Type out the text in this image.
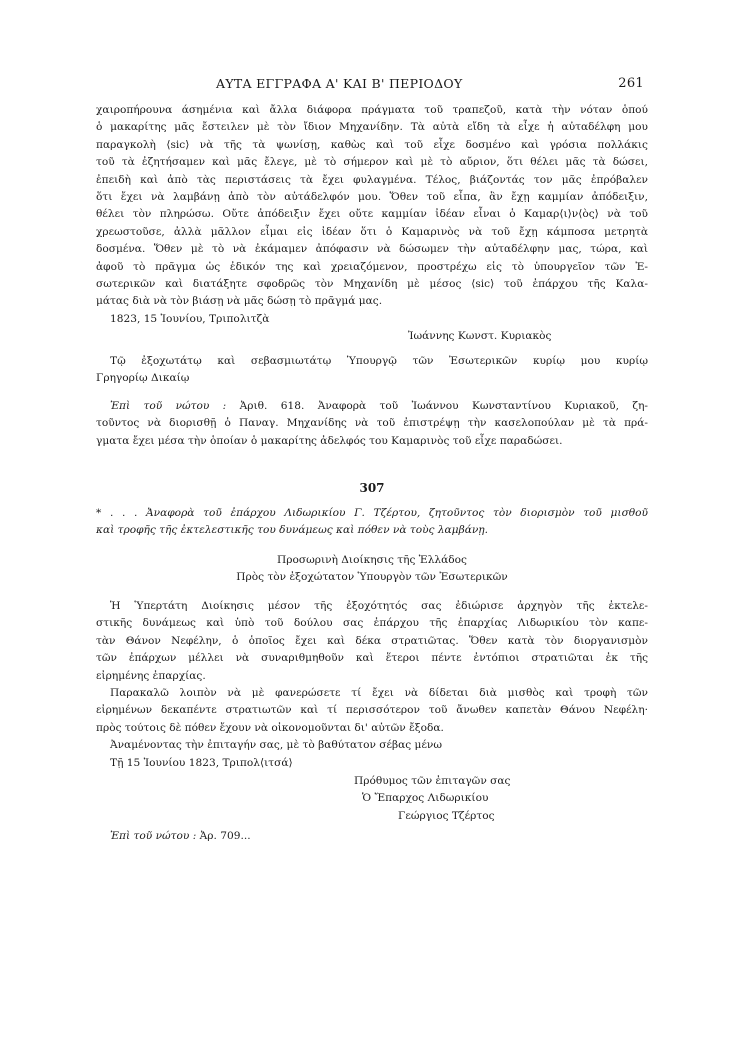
ΑΥΤΑ ΕΓΓΡΑΦΑ Α' ΚΑΙ Β' ΠΕΡΙΟΔΟΥ	261
χαιροπήρουνα άσημένια καὶ ἄλλα διάφορα πράγματα τοῦ τραπεζοῦ, κατὰ τὴν νόταν ὁπού
ὁ μακαρίτης μᾶς ἔστειλεν μὲ τὸν ἴδιον Μηχανίδην. Τὰ αὐτὰ εἴδη τὰ εἶχε ἡ αὐταδέλφη μου
παραγκολὴ ⟨sic⟩ νὰ τῆς τὰ ψωνίσῃ, καθὼς καὶ τοῦ εἶχε δοσμένο καὶ γρόσια πολλάκις
τοῦ τὰ ἐζητήσαμεν καὶ μᾶς ἔλεγε, μὲ τὸ σήμερον καὶ μὲ τὸ αὔριον, ὅτι θέλει μᾶς τὰ δώσει,
ἐπειδὴ καὶ ἀπὸ τὰς περιστάσεις τὰ ἔχει φυλαγμένα. Τέλος, βιάζοντάς τον μᾶς ἐπρόβαλεν
ὅτι ἔχει νὰ λαμβάνῃ ἀπὸ τὸν αὐτάδελφόν μου. Ὅθεν τοῦ εἶπα, ἂν ἔχῃ καμμίαν ἀπόδειξιν,
θέλει τὸν πληρώσω. Οὔτε ἀπόδειξιν ἔχει οὔτε καμμίαν ἰδέαν εἶναι ὁ Καμαρ⟨ι⟩ν⟨ὸς⟩ νὰ τοῦ
χρεωστοῦσε, ἀλλὰ μᾶλλον εἶμαι εἰς ἰδέαν ὅτι ὁ Καμαρινὸς νὰ τοῦ ἔχῃ κάμποσα μετρητὰ
δοσμένα. Ὅθεν μὲ τὸ νὰ ἐκάμαμεν ἀπόφασιν νὰ δώσωμεν τὴν αὐταδέλφην μας, τώρα, καὶ
ἀφοῦ τὸ πρᾶγμα ὡς ἐδικόν της καὶ χρειαζόμενον, προστρέχω εἰς τὸ ὑπουργεῖον τῶν Ἐ-
σωτερικῶν καὶ διατάξητε σφοδρῶς τὸν Μηχανίδη μὲ μέσος ⟨sic⟩ τοῦ ἐπάρχου τῆς Καλα-
μάτας διὰ νὰ τὸν βιάσῃ νὰ μᾶς δώσῃ τὸ πρᾶγμά μας.
1823, 15 Ἰουνίου, Τριπολιτζὰ
Ἰωάννης Κωνστ. Κυριακὸς
Τῷ ἐξοχωτάτῳ καὶ σεβασμιωτάτῳ Ὑπουργῷ τῶν Ἐσωτερικῶν κυρίῳ μου κυρίῳ
Γρηγορίῳ Δικαίῳ
Ἐπὶ τοῦ νώτου : Ἀριθ. 618. Ἀναφορὰ τοῦ Ἰωάννου Κωνσταντίνου Κυριακοῦ, ζη-
τοῦντος νὰ διορισθῇ ὁ Παναγ. Μηχανίδης νὰ τοῦ ἐπιστρέψῃ τὴν κασελοπούλαν μὲ τὰ πρά-
γματα ἔχει μέσα τὴν ὁποίαν ὁ μακαρίτης ἀδελφός του Καμαρινὸς τοῦ εἶχε παραδώσει.
307
* . . . Ἀναφορὰ τοῦ ἐπάρχου Λιδωρικίου Γ. Τζέρτου, ζητοῦντος τὸν διορισμὸν τοῦ μισθοῦ
καὶ τροφῆς τῆς ἐκτελεστικῆς του δυνάμεως καὶ πόθεν νὰ τοὺς λαμβάνῃ.
Προσωρινὴ Διοίκησις τῆς Ἑλλάδος
Πρὸς τὸν ἐξοχώτατον Ὑπουργὸν τῶν Ἐσωτερικῶν
Ἡ Ὑπερτάτη Διοίκησις μέσον τῆς ἐξοχότητός σας ἐδιώρισε ἀρχηγὸν τῆς ἐκτελε-
στικῆς δυνάμεως καὶ ὑπὸ τοῦ δούλου σας ἐπάρχου τῆς ἐπαρχίας Λιδωρικίου τὸν καπε-
τὰν Θάνον Νεφέλην, ὁ ὁποῖος ἔχει καὶ δέκα στρατιῶτας. Ὅθεν κατὰ τὸν διοργανισμὸν
τῶν ἐπάρχων μέλλει νὰ συναριθμηθοῦν καὶ ἕτεροι πέντε ἐντόπιοι στρατιῶται ἐκ τῆς
εἰρημένης ἐπαρχίας.
Παρακαλῶ λοιπὸν νὰ μὲ φανερώσετε τί ἔχει νὰ δίδεται διὰ μισθὸς καὶ τροφὴ τῶν
εἰρημένων δεκαπέντε στρατιωτῶν καὶ τί περισσότερον τοῦ ἄνωθεν καπετὰν Θάνου Νεφέλη·
πρὸς τούτοις δὲ πόθεν ἔχουν νὰ οἰκονομοῦνται δι' αὐτῶν ἔξοδα.
Ἀναμένοντας τὴν ἐπιταγήν σας, μὲ τὸ βαθύτατον σέβας μένω
Τῇ 15 Ἰουνίου 1823, Τριπολ⟨ιτσά⟩
Πρόθυμος τῶν ἐπιταγῶν σας
Ὁ Ἔπαρχος Λιδωρικίου
Γεώργιος Τζέρτος
Ἐπὶ τοῦ νώτου : Ἀρ. 709...
